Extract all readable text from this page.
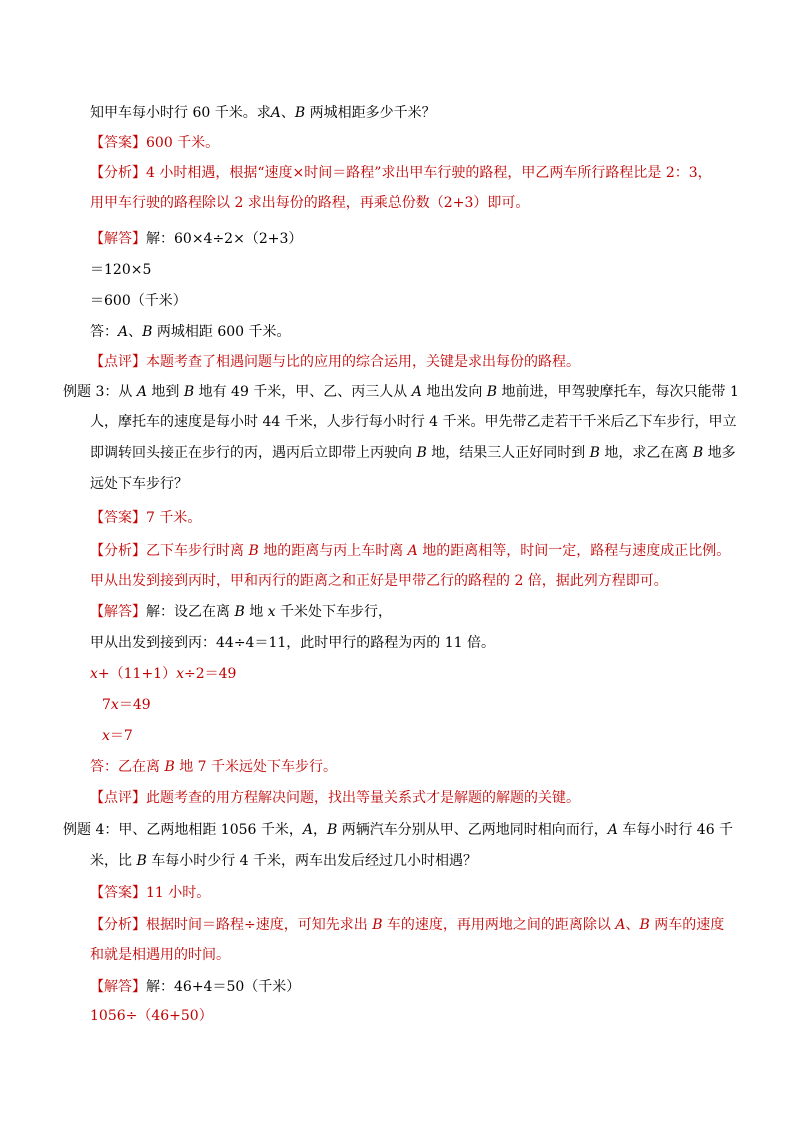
知甲车每小时行 60 千米。求A、B 两城相距多少千米？
【答案】600 千米。
【分析】4 小时相遇，根据“速度×时间＝路程”求出甲车行驶的路程，甲乙两车所行路程比是 2：3，
用甲车行驶的路程除以 2 求出每份的路程，再乘总份数（2+3）即可。
【解答】解：60×4÷2×（2+3）
＝120×5
＝600（千米）
答：A、B 两城相距 600 千米。
【点评】本题考查了相遇问题与比的应用的综合运用，关键是求出每份的路程。
例题 3：从 A 地到 B 地有 49 千米，甲、乙、丙三人从 A 地出发向 B 地前进，甲驾驶摩托车，每次只能带 1
人，摩托车的速度是每小时 44 千米，人步行每小时行 4 千米。甲先带乙走若干千米后乙下车步行，甲立
即调转回头接正在步行的丙，遇丙后立即带上丙驶向 B 地，结果三人正好同时到 B 地，求乙在离 B 地多
远处下车步行？
【答案】7 千米。
【分析】乙下车步行时离 B 地的距离与丙上车时离 A 地的距离相等，时间一定，路程与速度成正比例。
甲从出发到接到丙时，甲和丙行的距离之和正好是甲带乙行的路程的 2 倍，据此列方程即可。
【解答】解：设乙在离 B 地 x 千米处下车步行，
甲从出发到接到丙：44÷4＝11，此时甲行的路程为丙的 11 倍。
x+（11+1）x÷2＝49
7x＝49
x＝7
答：乙在离 B 地 7 千米远处下车步行。
【点评】此题考查的用方程解决问题，找出等量关系式才是解题的解题的关键。
例题 4：甲、乙两地相距 1056 千米，A，B 两辆汽车分别从甲、乙两地同时相向而行，A 车每小时行 46 千
米，比 B 车每小时少行 4 千米，两车出发后经过几小时相遇？
【答案】11 小时。
【分析】根据时间＝路程÷速度，可知先求出 B 车的速度，再用两地之间的距离除以 A、B 两车的速度
和就是相遇用的时间。
【解答】解：46+4＝50（千米）
1056÷（46+50）
